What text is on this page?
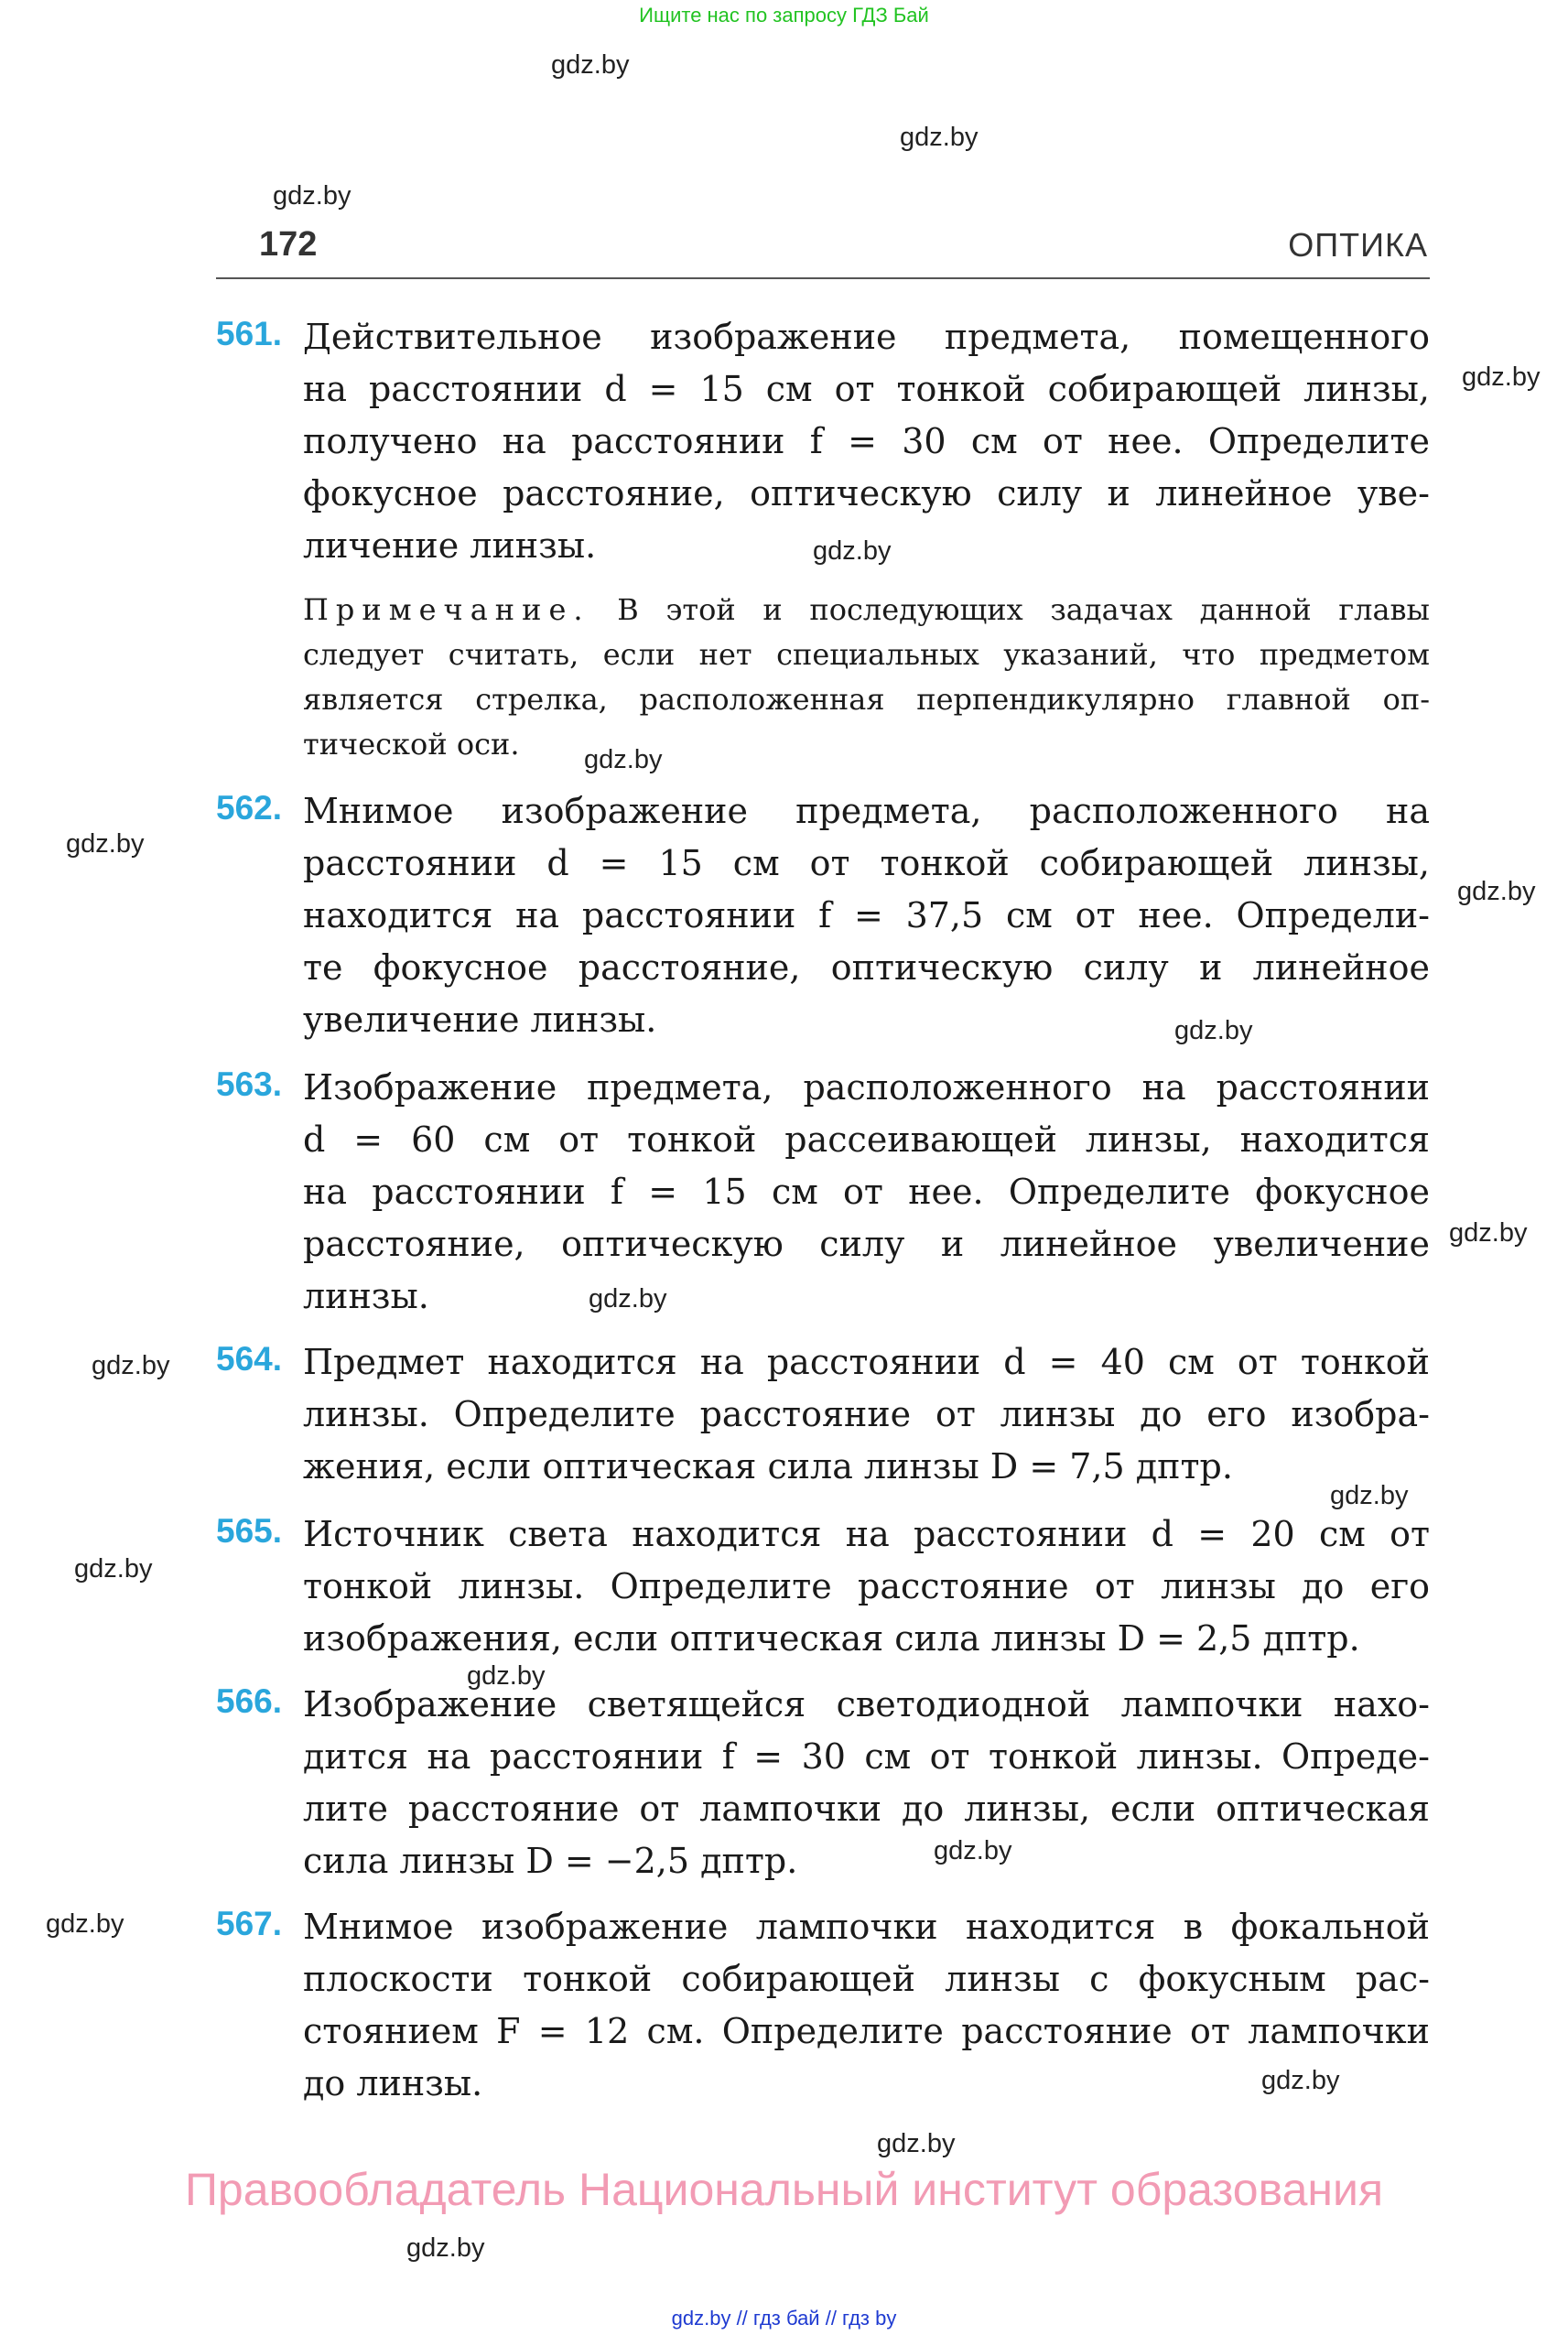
Ищите нас по запросу ГДЗ Бай
gdz.by
gdz.by
gdz.by
gdz.by
gdz.by
gdz.by
gdz.by
gdz.by
gdz.by
gdz.by
gdz.by
gdz.by
gdz.by
gdz.by
gdz.by
gdz.by
gdz.by
gdz.by
gdz.by
gdz.by
172	ОПТИКА
561. Действительное изображение предмета, помещенного
на расстоянии d = 15 см от тонкой собирающей линзы,
получено на расстоянии f = 30 см от нее. Определите
фокусное расстояние, оптическую силу и линейное уве-
личение линзы.
Примечание. В этой и последующих задачах данной главы
следует считать, если нет специальных указаний, что предметом
является стрелка, расположенная перпендикулярно главной оп-
тической оси.
562. Мнимое изображение предмета, расположенного на
расстоянии d = 15 см от тонкой собирающей линзы,
находится на расстоянии f = 37,5 см от нее. Определи-
те фокусное расстояние, оптическую силу и линейное
увеличение линзы.
563. Изображение предмета, расположенного на расстоянии
d = 60 см от тонкой рассеивающей линзы, находится
на расстоянии f = 15 см от нее. Определите фокусное
расстояние, оптическую силу и линейное увеличение
линзы.
564. Предмет находится на расстоянии d = 40 см от тонкой
линзы. Определите расстояние от линзы до его изобра-
жения, если оптическая сила линзы D = 7,5 дптр.
565. Источник света находится на расстоянии d = 20 см от
тонкой линзы. Определите расстояние от линзы до его
изображения, если оптическая сила линзы D = 2,5 дптр.
566. Изображение светящейся светодиодной лампочки нахо-
дится на расстоянии f = 30 см от тонкой линзы. Опреде-
лите расстояние от лампочки до линзы, если оптическая
сила линзы D = −2,5 дптр.
567. Мнимое изображение лампочки находится в фокальной
плоскости тонкой собирающей линзы с фокусным рас-
стоянием F = 12 см. Определите расстояние от лампочки
до линзы.
Правообладатель Национальный институт образования
gdz.by // гдз бай // гдз by
